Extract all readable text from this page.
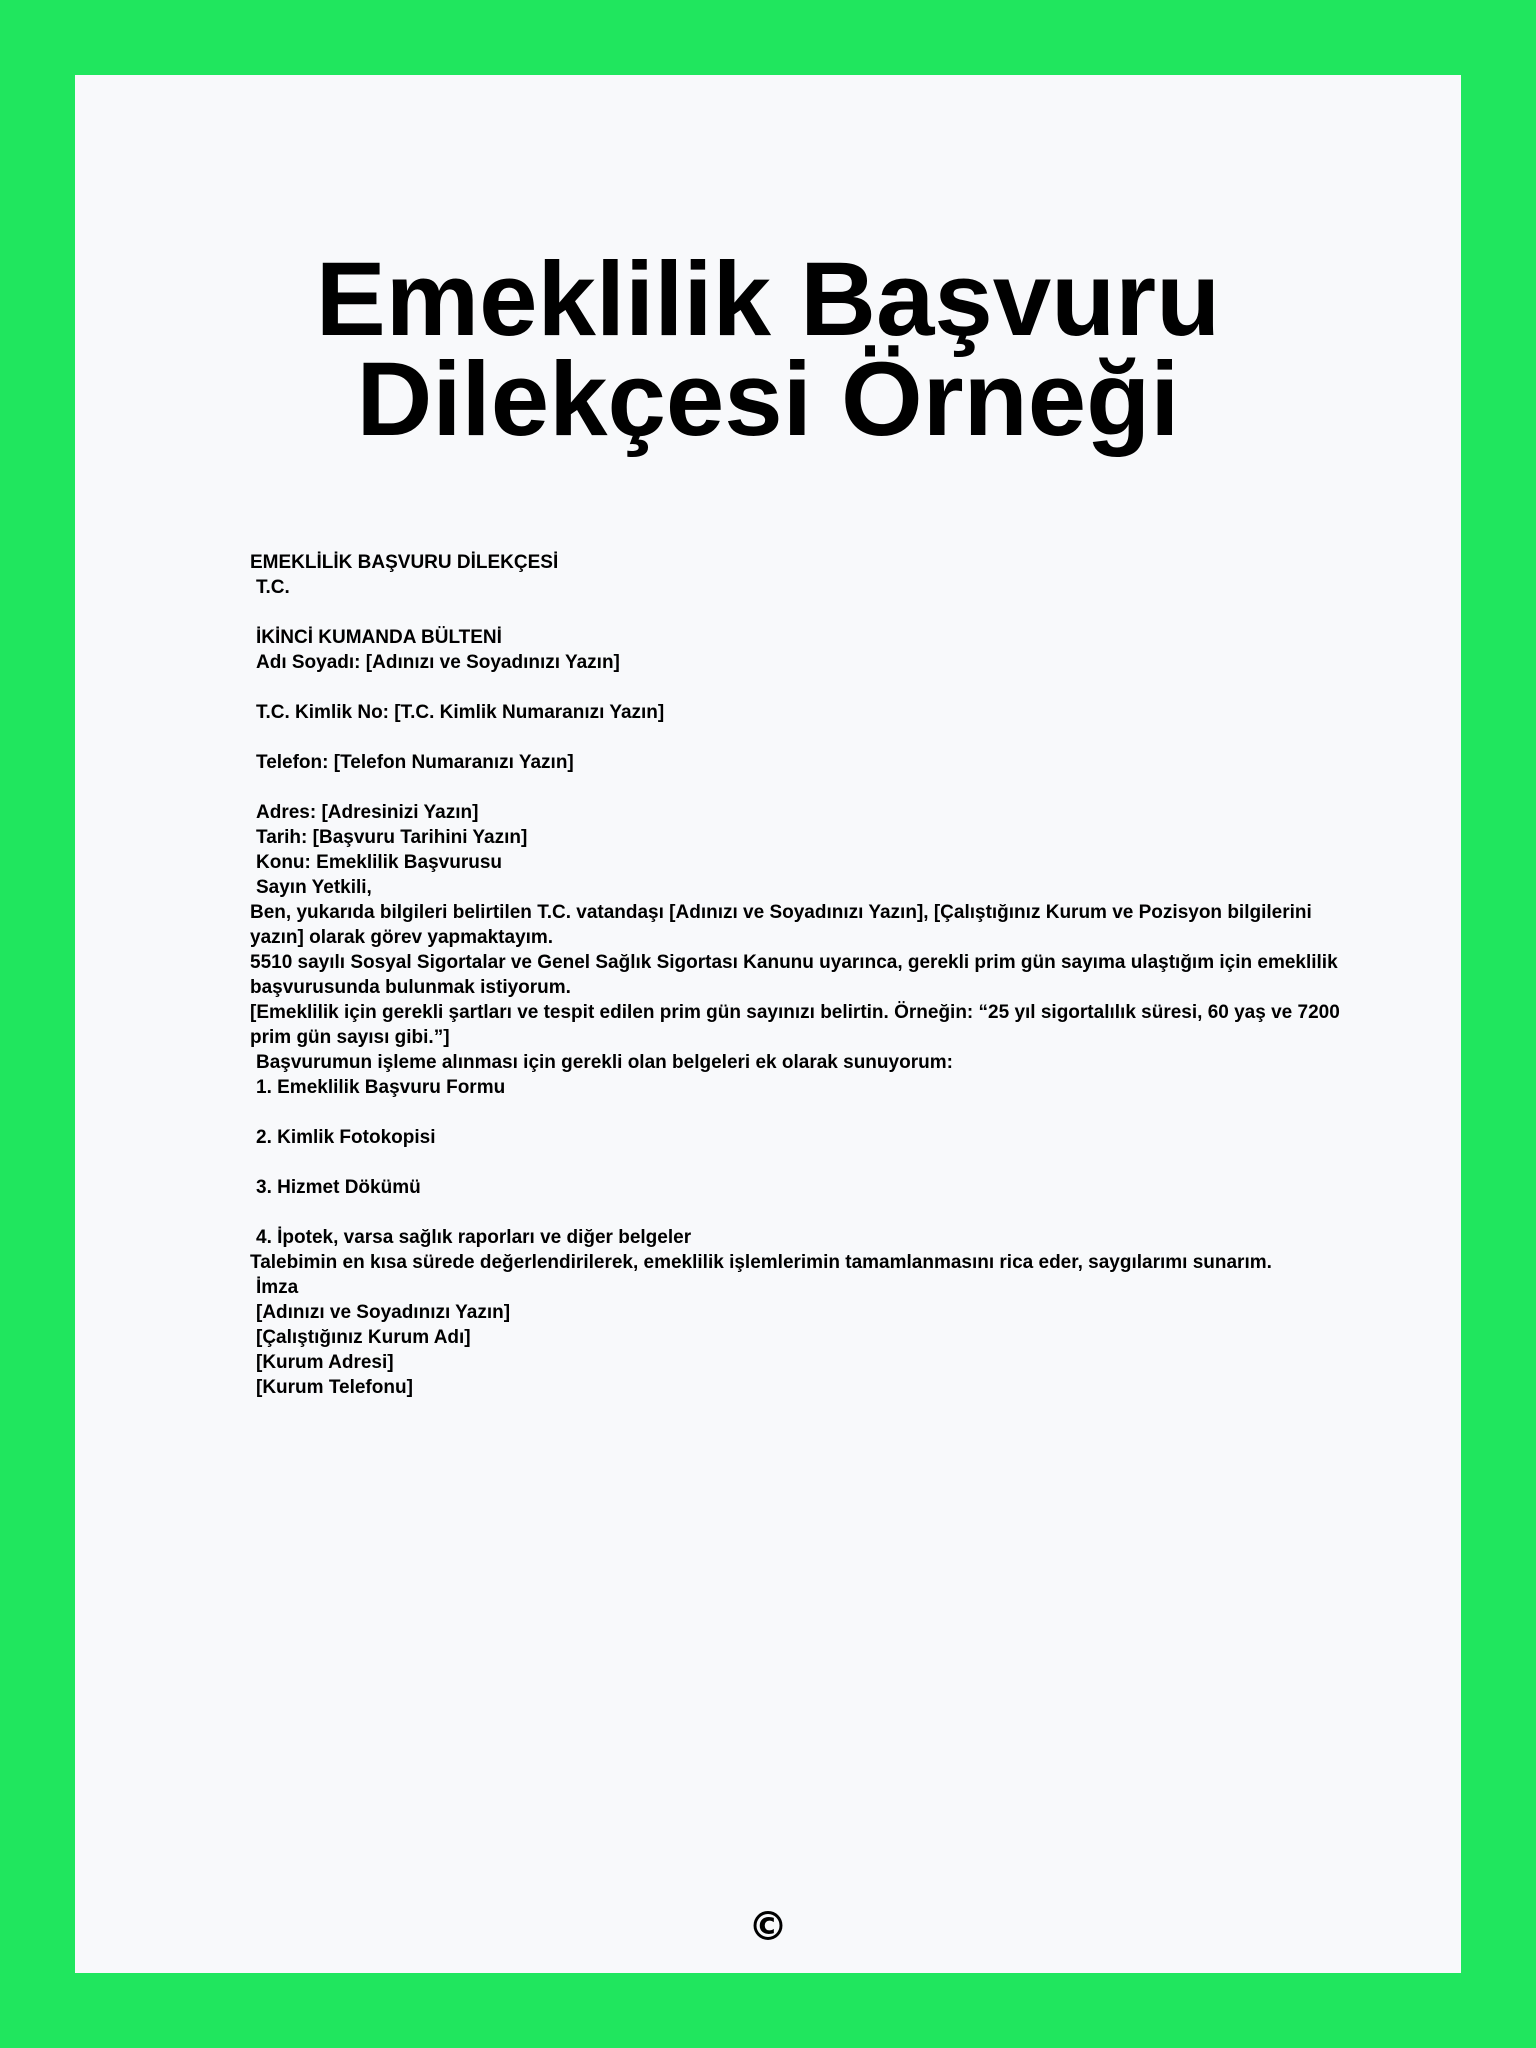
Emeklilik Başvuru Dilekçesi Örneği
EMEKLİLİK BAŞVURU DİLEKÇESİ
T.C.
İKİNCİ KUMANDA BÜLTENİ
Adı Soyadı: [Adınızı ve Soyadınızı Yazın]
T.C. Kimlik No: [T.C. Kimlik Numaranızı Yazın]
Telefon: [Telefon Numaranızı Yazın]
Adres: [Adresinizi Yazın]
Tarih: [Başvuru Tarihini Yazın]
Konu: Emeklilik Başvurusu
Sayın Yetkili,
Ben, yukarıda bilgileri belirtilen T.C. vatandaşı [Adınızı ve Soyadınızı Yazın], [Çalıştığınız Kurum ve Pozisyon bilgilerini yazın] olarak görev yapmaktayım.
5510 sayılı Sosyal Sigortalar ve Genel Sağlık Sigortası Kanunu uyarınca, gerekli prim gün sayıma ulaştığım için emeklilik başvurusunda bulunmak istiyorum.
[Emeklilik için gerekli şartları ve tespit edilen prim gün sayınızı belirtin. Örneğin: “25 yıl sigortalılık süresi, 60 yaş ve 7200 prim gün sayısı gibi.”]
Başvurumun işleme alınması için gerekli olan belgeleri ek olarak sunuyorum:
1. Emeklilik Başvuru Formu
2. Kimlik Fotokopisi
3. Hizmet Dökümü
4. İpotek, varsa sağlık raporları ve diğer belgeler
Talebimin en kısa sürede değerlendirilerek, emeklilik işlemlerimin tamamlanmasını rica eder, saygılarımı sunarım.
İmza
[Adınızı ve Soyadınızı Yazın]
[Çalıştığınız Kurum Adı]
[Kurum Adresi]
[Kurum Telefonu]
©
